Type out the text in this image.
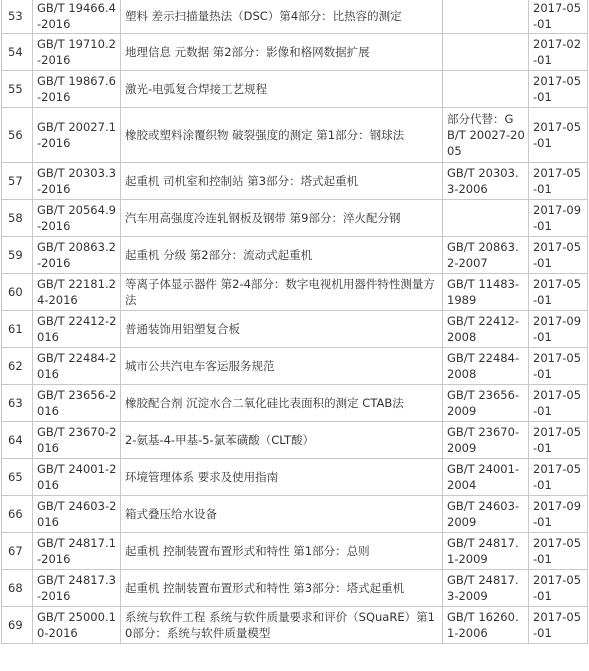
53	GB/T 19466.4-2016	塑料 差示扫描量热法（DSC）第4部分：比热容的测定		2017-05-01
54	GB/T 19710.2-2016	地理信息 元数据 第2部分：影像和格网数据扩展		2017-02-01
55	GB/T 19867.6-2016	激光-电弧复合焊接工艺规程		2017-05-01
56	GB/T 20027.1-2016	橡胶或塑料涂覆织物 破裂强度的测定 第1部分：钢球法	部分代替：GB/T 20027-2005	2017-05-01
57	GB/T 20303.3-2016	起重机 司机室和控制站 第3部分：塔式起重机	GB/T 20303.3-2006	2017-05-01
58	GB/T 20564.9-2016	汽车用高强度冷连轧钢板及钢带 第9部分：淬火配分钢		2017-09-01
59	GB/T 20863.2-2016	起重机 分级 第2部分：流动式起重机	GB/T 20863.2-2007	2017-05-01
60	GB/T 22181.24-2016	等离子体显示器件 第2-4部分：数字电视机用器件特性测量方法	GB/T 11483-1989	2017-05-01
61	GB/T 22412-2016	普通装饰用铝塑复合板	GB/T 22412-2008	2017-09-01
62	GB/T 22484-2016	城市公共汽电车客运服务规范	GB/T 22484-2008	2017-05-01
63	GB/T 23656-2016	橡胶配合剂 沉淀水合二氧化硅比表面积的测定 CTAB法	GB/T 23656-2009	2017-05-01
64	GB/T 23670-2016	2-氨基-4-甲基-5-氯苯磺酸（CLT酸）	GB/T 23670-2009	2017-05-01
65	GB/T 24001-2016	环境管理体系 要求及使用指南	GB/T 24001-2004	2017-05-01
66	GB/T 24603-2016	箱式叠压给水设备	GB/T 24603-2009	2017-09-01
67	GB/T 24817.1-2016	起重机 控制装置布置形式和特性 第1部分：总则	GB/T 24817.1-2009	2017-05-01
68	GB/T 24817.3-2016	起重机 控制装置布置形式和特性 第3部分：塔式起重机	GB/T 24817.3-2009	2017-05-01
69	GB/T 25000.10-2016	系统与软件工程 系统与软件质量要求和评价（SQuaRE）第10部分：系统与软件质量模型	GB/T 16260.1-2006	2017-05-01
